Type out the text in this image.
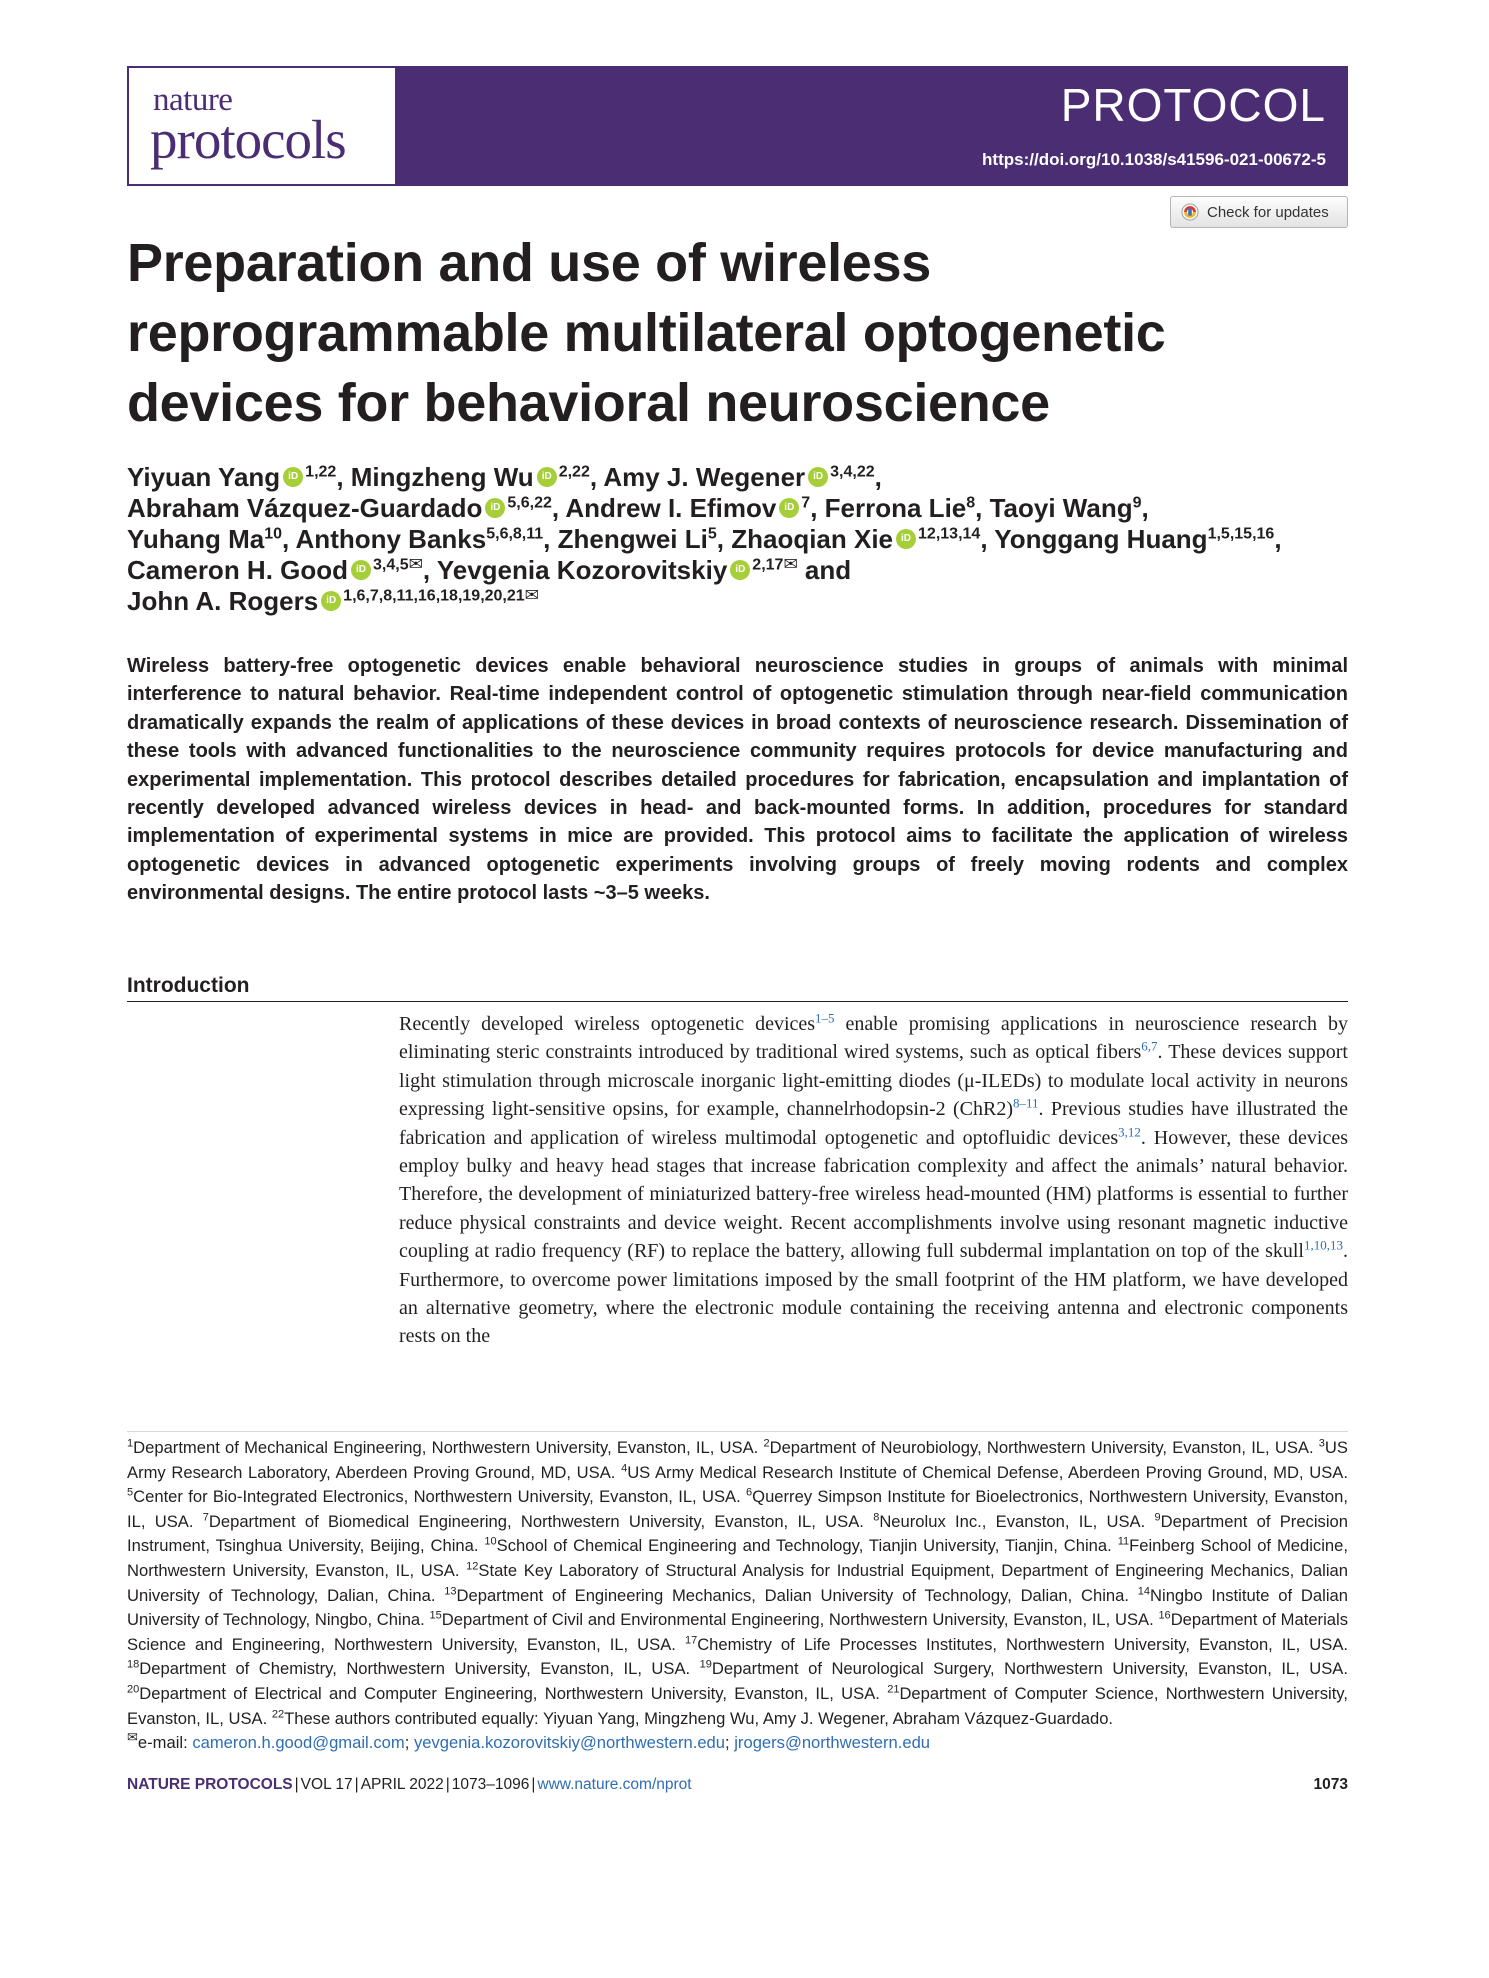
nature
protocols
PROTOCOL
https://doi.org/10.1038/s41596-021-00672-5
Check for updates
Preparation and use of wireless reprogrammable multilateral optogenetic devices for behavioral neuroscience
Yiyuan Yang iD $^{1,22}$, Mingzheng Wu iD $^{2,22}$, Amy J. Wegener iD $^{3,4,22}$,
Abraham Vázquez-Guardado iD $^{5,6,22}$, Andrew I. Efimov iD $^7$, Ferrona Lie$^8$, Taoyi Wang$^9$,
Yuhang Ma$^{10}$, Anthony Banks$^{5,6,8,11}$, Zhengwei Li$^5$, Zhaoqian Xie iD $^{12,13,14}$, Yonggang Huang$^{1,5,15,16}$,
Cameron H. Good iD $^{3,4,5✉}$, Yevgenia Kozorovitskiy iD $^{2,17✉}$ and
John A. Rogers iD $^{1,6,7,8,11,16,18,19,20,21✉}$
Wireless battery-free optogenetic devices enable behavioral neuroscience studies in groups of animals with minimal interference to natural behavior. Real-time independent control of optogenetic stimulation through near-field communication dramatically expands the realm of applications of these devices in broad contexts of neuroscience research. Dissemination of these tools with advanced functionalities to the neuroscience community requires protocols for device manufacturing and experimental implementation. This protocol describes detailed procedures for fabrication, encapsulation and implantation of recently developed advanced wireless devices in head- and back-mounted forms. In addition, procedures for standard implementation of experimental systems in mice are provided. This protocol aims to facilitate the application of wireless optogenetic devices in advanced optogenetic experiments involving groups of freely moving rodents and complex environmental designs. The entire protocol lasts ~3–5 weeks.
Introduction
Recently developed wireless optogenetic devices$^{1-5}$ enable promising applications in neuroscience research by eliminating steric constraints introduced by traditional wired systems, such as optical fibers$^{6,7}$. These devices support light stimulation through microscale inorganic light-emitting diodes (μ-ILEDs) to modulate local activity in neurons expressing light-sensitive opsins, for example, channelrhodopsin-2 (ChR2)$^{8-11}$. Previous studies have illustrated the fabrication and application of wireless multimodal optogenetic and optofluidic devices$^{3,12}$. However, these devices employ bulky and heavy head stages that increase fabrication complexity and affect the animals’ natural behavior. Therefore, the development of miniaturized battery-free wireless head-mounted (HM) platforms is essential to further reduce physical constraints and device weight. Recent accomplishments involve using resonant magnetic inductive coupling at radio frequency (RF) to replace the battery, allowing full subdermal implantation on top of the skull$^{1,10,13}$. Furthermore, to overcome power limitations imposed by the small footprint of the HM platform, we have developed an alternative geometry, where the electronic module containing the receiving antenna and electronic components rests on the
$^1$Department of Mechanical Engineering, Northwestern University, Evanston, IL, USA. $^2$Department of Neurobiology, Northwestern University, Evanston, IL, USA. $^3$US Army Research Laboratory, Aberdeen Proving Ground, MD, USA. $^4$US Army Medical Research Institute of Chemical Defense, Aberdeen Proving Ground, MD, USA. $^5$Center for Bio-Integrated Electronics, Northwestern University, Evanston, IL, USA. $^6$Querrey Simpson Institute for Bioelectronics, Northwestern University, Evanston, IL, USA. $^7$Department of Biomedical Engineering, Northwestern University, Evanston, IL, USA. $^8$Neurolux Inc., Evanston, IL, USA. $^9$Department of Precision Instrument, Tsinghua University, Beijing, China. $^{10}$School of Chemical Engineering and Technology, Tianjin University, Tianjin, China. $^{11}$Feinberg School of Medicine, Northwestern University, Evanston, IL, USA. $^{12}$State Key Laboratory of Structural Analysis for Industrial Equipment, Department of Engineering Mechanics, Dalian University of Technology, Dalian, China. $^{13}$Department of Engineering Mechanics, Dalian University of Technology, Dalian, China. $^{14}$Ningbo Institute of Dalian University of Technology, Ningbo, China. $^{15}$Department of Civil and Environmental Engineering, Northwestern University, Evanston, IL, USA. $^{16}$Department of Materials Science and Engineering, Northwestern University, Evanston, IL, USA. $^{17}$Chemistry of Life Processes Institutes, Northwestern University, Evanston, IL, USA. $^{18}$Department of Chemistry, Northwestern University, Evanston, IL, USA. $^{19}$Department of Neurological Surgery, Northwestern University, Evanston, IL, USA. $^{20}$Department of Electrical and Computer Engineering, Northwestern University, Evanston, IL, USA. $^{21}$Department of Computer Science, Northwestern University, Evanston, IL, USA. $^{22}$These authors contributed equally: Yiyuan Yang, Mingzheng Wu, Amy J. Wegener, Abraham Vázquez-Guardado.
✉e-mail: cameron.h.good@gmail.com; yevgenia.kozorovitskiy@northwestern.edu; jrogers@northwestern.edu
NATURE PROTOCOLS | VOL 17 | APRIL 2022 | 1073–1096 | www.nature.com/nprot	1073
